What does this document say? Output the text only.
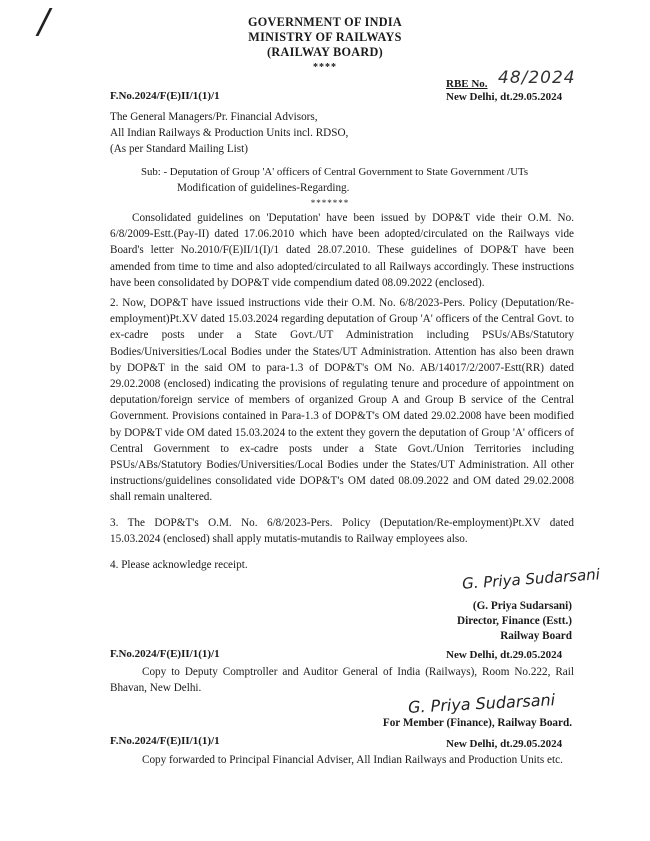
/	GOVERNMENT OF INDIA
MINISTRY OF RAILWAYS
(RAILWAY BOARD)
****
F.No.2024/F(E)II/1(1)/1
RBE No. 48/2024
New Delhi, dt.29.05.2024
The General Managers/Pr. Financial Advisors,
All Indian Railways & Production Units incl. RDSO,
(As per Standard Mailing List)
Sub: - Deputation of Group 'A' officers of Central Government to State Government /UTs
Modification of guidelines-Regarding.
*******
Consolidated guidelines on 'Deputation' have been issued by DOP&T vide their O.M. No. 6/8/2009-Estt.(Pay-II) dated 17.06.2010 which have been adopted/circulated on the Railways vide Board's letter No.2010/F(E)II/1(I)/1 dated 28.07.2010. These guidelines of DOP&T have been amended from time to time and also adopted/circulated to all Railways accordingly. These instructions have been consolidated by DOP&T vide compendium dated 08.09.2022 (enclosed).
2. Now, DOP&T have issued instructions vide their O.M. No. 6/8/2023-Pers. Policy (Deputation/Re-employment)Pt.XV dated 15.03.2024 regarding deputation of Group 'A' officers of the Central Govt. to ex-cadre posts under a State Govt./UT Administration including PSUs/ABs/Statutory Bodies/Universities/Local Bodies under the States/UT Administration. Attention has also been drawn by DOP&T in the said OM to para-1.3 of DOP&T's OM No. AB/14017/2/2007-Estt(RR) dated 29.02.2008 (enclosed) indicating the provisions of regulating tenure and procedure of appointment on deputation/foreign service of members of organized Group A and Group B service of the Central Government. Provisions contained in Para-1.3 of DOP&T's OM dated 29.02.2008 have been modified by DOP&T vide OM dated 15.03.2024 to the extent they govern the deputation of Group 'A' officers of Central Government to ex-cadre posts under a State Govt./Union Territories including PSUs/ABs/Statutory Bodies/Universities/Local Bodies under the States/UT Administration. All other instructions/guidelines consolidated vide DOP&T's OM dated 08.09.2022 and OM dated 29.02.2008 shall remain unaltered.
3. The DOP&T's O.M. No. 6/8/2023-Pers. Policy (Deputation/Re-employment)Pt.XV dated 15.03.2024 (enclosed) shall apply mutatis-mutandis to Railway employees also.
4. Please acknowledge receipt.
G. Priya Sudarsani
(G. Priya Sudarsani)
Director, Finance (Estt.)
Railway Board
F.No.2024/F(E)II/1(1)/1	New Delhi, dt.29.05.2024
Copy to Deputy Comptroller and Auditor General of India (Railways), Room No.222, Rail Bhavan, New Delhi.
G. Priya Sudarsani
For Member (Finance), Railway Board.
F.No.2024/F(E)II/1(1)/1	New Delhi, dt.29.05.2024
Copy forwarded to Principal Financial Adviser, All Indian Railways and Production Units etc.
